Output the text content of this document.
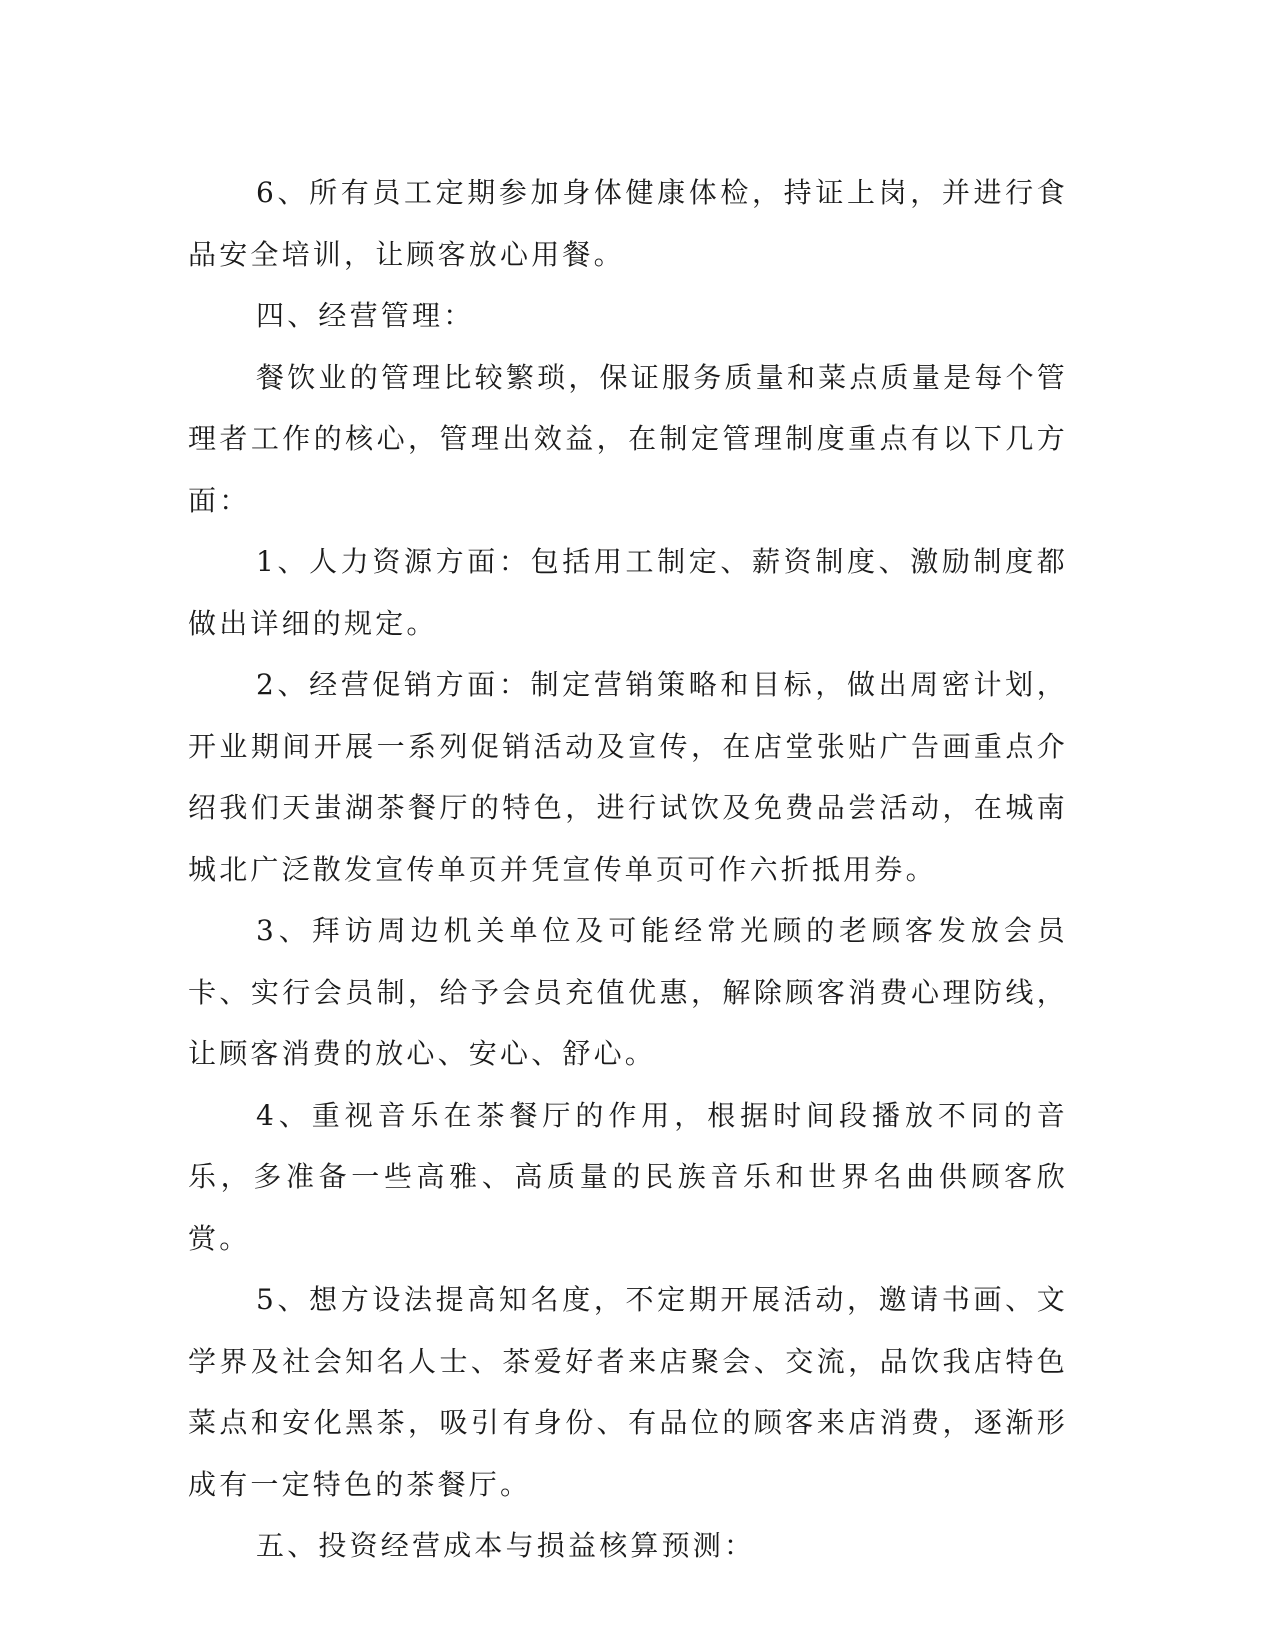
6、所有员工定期参加身体健康体检，持证上岗，并进行食品安全培训，让顾客放心用餐。

四、经营管理：

餐饮业的管理比较繁琐，保证服务质量和菜点质量是每个管理者工作的核心，管理出效益，在制定管理制度重点有以下几方面：

1、人力资源方面：包括用工制定、薪资制度、激励制度都做出详细的规定。

2、经营促销方面：制定营销策略和目标，做出周密计划，开业期间开展一系列促销活动及宣传，在店堂张贴广告画重点介绍我们天蚩湖茶餐厅的特色，进行试饮及免费品尝活动，在城南城北广泛散发宣传单页并凭宣传单页可作六折抵用券。

3、拜访周边机关单位及可能经常光顾的老顾客发放会员卡、实行会员制，给予会员充值优惠，解除顾客消费心理防线，让顾客消费的放心、安心、舒心。

4、重视音乐在茶餐厅的作用，根据时间段播放不同的音乐，多准备一些高雅、高质量的民族音乐和世界名曲供顾客欣赏。

5、想方设法提高知名度，不定期开展活动，邀请书画、文学界及社会知名人士、茶爱好者来店聚会、交流，品饮我店特色菜点和安化黑茶，吸引有身份、有品位的顾客来店消费，逐渐形成有一定特色的茶餐厅。

五、投资经营成本与损益核算预测：
